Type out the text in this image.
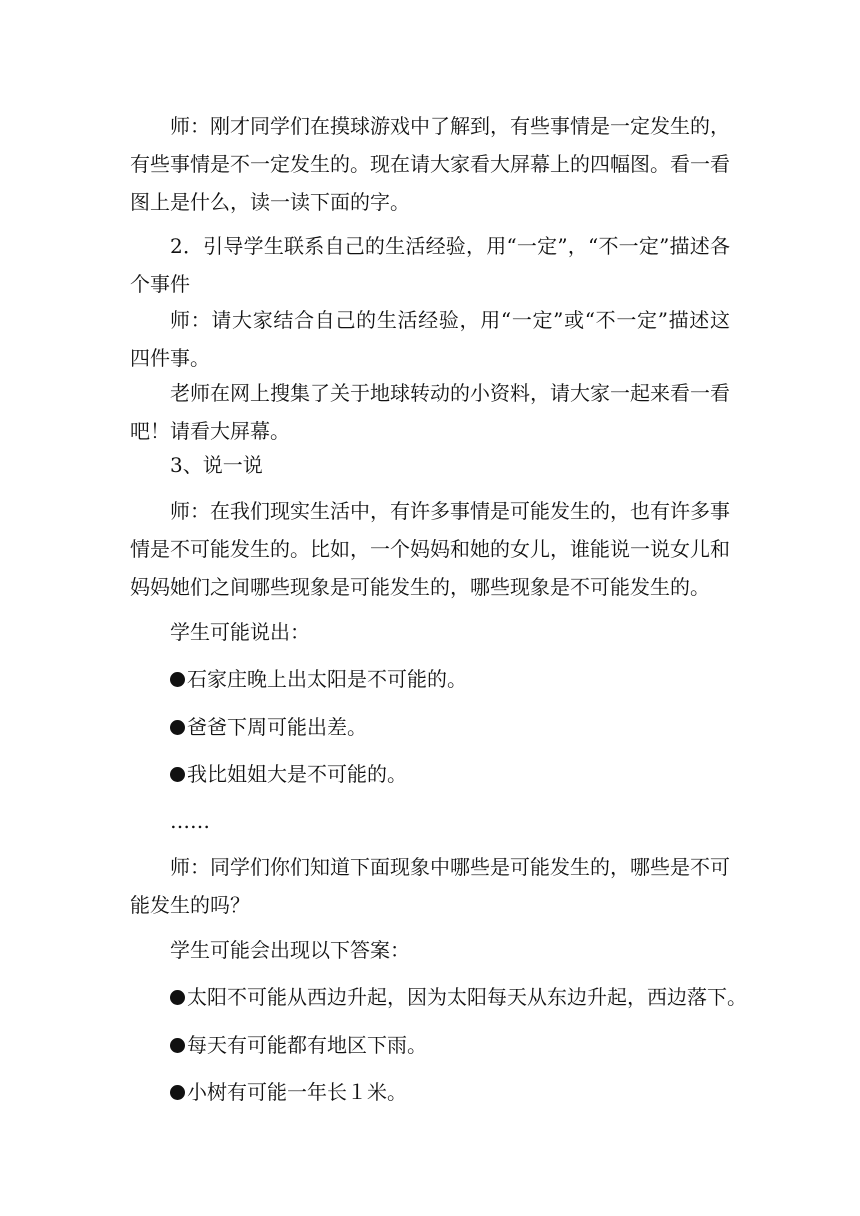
师：刚才同学们在摸球游戏中了解到，有些事情是一定发生的，有些事情是不一定发生的。现在请大家看大屏幕上的四幅图。看一看图上是什么，读一读下面的字。

2．引导学生联系自己的生活经验，用“一定”，“不一定”描述各个事件

师：请大家结合自己的生活经验，用“一定”或“不一定”描述这四件事。

老师在网上搜集了关于地球转动的小资料，请大家一起来看一看吧！请看大屏幕。

3、说一说

师：在我们现实生活中，有许多事情是可能发生的，也有许多事情是不可能发生的。比如，一个妈妈和她的女儿，谁能说一说女儿和妈妈她们之间哪些现象是可能发生的，哪些现象是不可能发生的。

学生可能说出：

石家庄晚上出太阳是不可能的。

爸爸下周可能出差。

我比姐姐大是不可能的。

……

师：同学们你们知道下面现象中哪些是可能发生的，哪些是不可能发生的吗？

学生可能会出现以下答案：

太阳不可能从西边升起，因为太阳每天从东边升起，西边落下。

每天有可能都有地区下雨。

小树有可能一年长１米。
